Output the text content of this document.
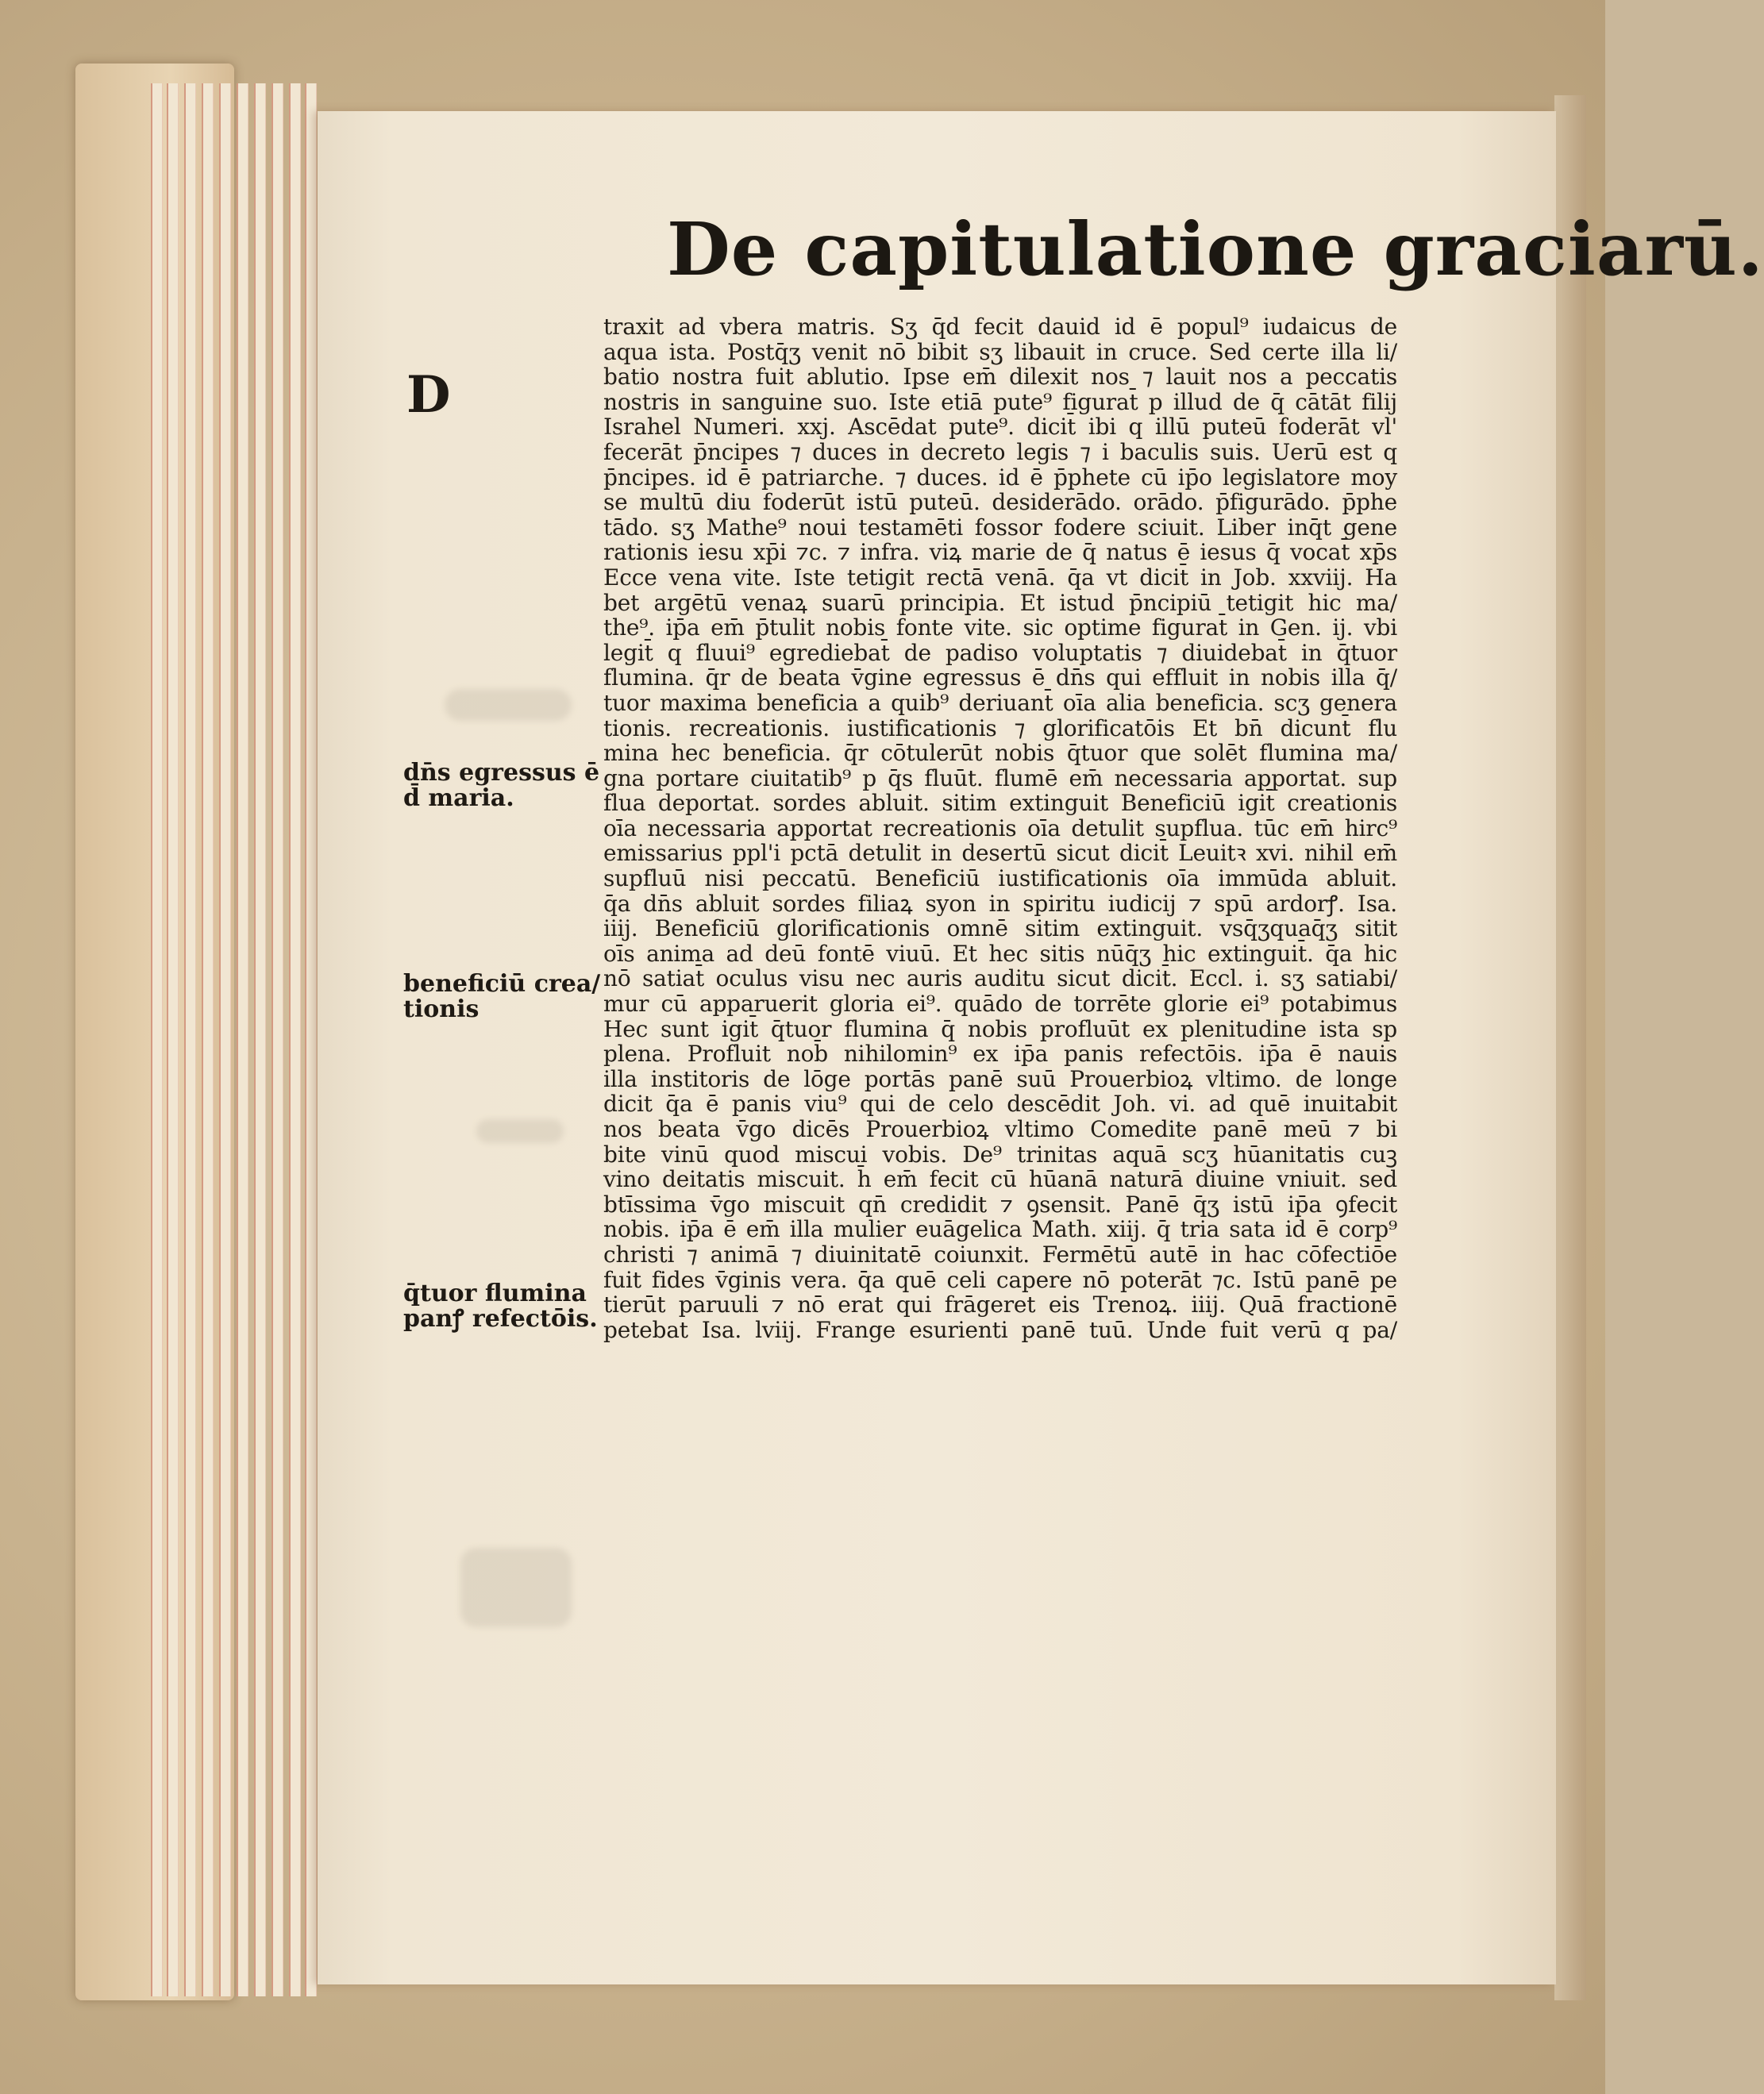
De capitulatione graciarū.
D
dn̄s egressus ē
d̄ maria.
beneficiū crea/
tionis
q̄tuor flumina
panꝭ refectōis.
traxit ad vbera matris. Sʒ q̄d fecit dauid id ē popul⁹ iudaicus de
aqua ista. Postq̄ʒ venit nō bibit sʒ libauit in cruce. Sed certe illa li/
batio nostra fuit ablutio. Ipse em̄ dilexit nos ⁊ lauit nos a peccatis
nostris in sanguine suo. Iste etiā pute⁹ figurat̄ p illud de q̄ cātāt filij
Israhel Numeri. xxj. Ascēdat pute⁹. dicit̄ ibi q illū puteū foderāt vl'
fecerāt p̄ncipes ⁊ duces in decreto legis ⁊ i baculis suis. Uerū est q
p̄ncipes. id ē patriarche. ⁊ duces. id ē p̄phete cū ip̄o legislatore moy
se multū diu foderūt istū puteū. desiderādo. orādo. p̄figurādo. p̄phe
tādo. sʒ Mathe⁹ noui testamēti fossor fodere sciuit. Liber inq̄t gene
rationis iesu xp̄i ⁊c. ⁊ infra. viꝝ marie de q̄ natus ē iesus q̄ vocat̄ xp̄s
Ecce vena vite. Iste tetigit rectā venā. q̄a vt dicit̄ in Job. xxviij. Ha
bet argētū venaꝝ suarū principia. Et istud p̄ncipiū tetigit hic ma/
the⁹. ip̄a em̄ p̄tulit nobis fonte vite. sic optime figurat̄ in Gen. ij. vbi
legit̄ q fluui⁹ egrediebat̄ de padiso voluptatis ⁊ diuidebat̄ in q̄tuor
flumina. q̄r de beata v̄gine egressus ē dn̄s qui effluit in nobis illa q̄/
tuor maxima beneficia a quib⁹ deriuant̄ oīa alia beneficia. scʒ genera
tionis. recreationis. iustificationis ⁊ glorificatōis Et bn̄ dicunt̄ flu
mina hec beneficia. q̄r cōtulerūt nobis q̄tuor que solēt flumina ma/
gna portare ciuitatib⁹ p q̄s fluūt. flumē em̄ necessaria apportat. sup
flua deportat. sordes abluit. sitim extinguit Beneficiū igit̄ creationis
oīa necessaria apportat recreationis oīa detulit supflua. tūc em̄ hirc⁹
emissarius ppl'i pctā detulit in desertū sicut dicit̄ Leuitꝛ xvi. nihil em̄
supfluū nisi peccatū. Beneficiū iustificationis oīa immūda abluit.
q̄a dn̄s abluit sordes filiaꝝ syon in spiritu iudicij ⁊ spū ardorꝭ. Isa.
iiij. Beneficiū glorificationis omnē sitim extinguit. vsq̄ʒquaq̄ʒ sitit
oīs anima ad deū fontē viuū. Et hec sitis nūq̄ʒ hic extinguit̄. q̄a hic
nō satiat̄ oculus visu nec auris auditu sicut dicit̄. Eccl. i. sʒ satiabi/
mur cū apparuerit gloria ei⁹. quādo de torrēte glorie ei⁹ potabimus
Hec sunt igit̄ q̄tuor flumina q̄ nobis profluūt ex plenitudine ista sp
plena. Profluit nob̄ nihilomin⁹ ex ip̄a panis refectōis. ip̄a ē nauis
illa institoris de lōge portās panē suū Prouerbioꝝ vltimo. de longe
dicit q̄a ē panis viu⁹ qui de celo descēdit Joh. vi. ad quē inuitabit
nos beata v̄go dicēs Prouerbioꝝ vltimo Comedite panē meū ⁊ bi
bite vinū quod miscui vobis. De⁹ trinitas aquā scʒ hūanitatis cuꝫ
vino deitatis miscuit. h̄ em̄ fecit cū hūanā naturā diuine vniuit. sed
btīssima v̄go miscuit qn̄ credidit ⁊ ꝯsensit. Panē q̄ʒ istū ip̄a ꝯfecit
nobis. ip̄a ē em̄ illa mulier euāgelica Math. xiij. q̄ tria sata id ē corp⁹
christi ⁊ animā ⁊ diuinitatē coiunxit. Fermētū autē in hac cōfectiōe
fuit fides v̄ginis vera. q̄a quē celi capere nō poterāt ⁊c. Istū panē pe
tierūt paruuli ⁊ nō erat qui frāgeret eis Trenoꝝ. iiij. Quā fractionē
petebat Isa. lviij. Frange esurienti panē tuū. Unde fuit verū q pa/
